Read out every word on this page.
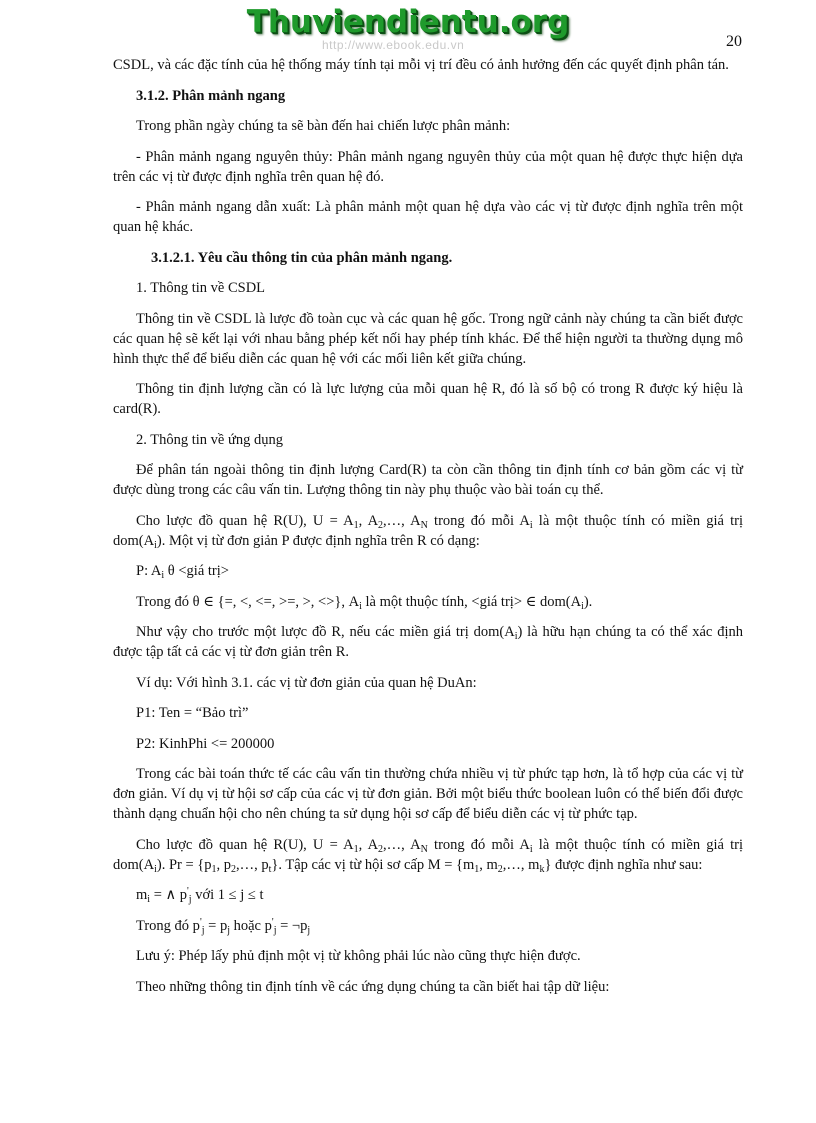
Thuviendientu.org
http://www.ebook.edu.vn	20

CSDL, và các đặc tính của hệ thống máy tính tại mỗi vị trí đều có ảnh hưởng đến các quyết định phân tán.

3.1.2. Phân mảnh ngang

Trong phần ngày chúng ta sẽ bàn đến hai chiến lược phân mảnh:

- Phân mảnh ngang nguyên thủy: Phân mảnh ngang nguyên thủy của một quan hệ được thực hiện dựa trên các vị từ được định nghĩa trên quan hệ đó.

- Phân mảnh ngang dẫn xuất: Là phân mảnh một quan hệ dựa vào các vị từ được định nghĩa trên một quan hệ khác.

3.1.2.1. Yêu cầu thông tin của phân mảnh ngang.

1. Thông tin về CSDL

Thông tin về CSDL là lược đồ toàn cục và các quan hệ gốc. Trong ngữ cảnh này chúng ta cần biết được các quan hệ sẽ kết lại với nhau bằng phép kết nối hay phép tính khác. Để thể hiện người ta thường dụng mô hình thực thể để biểu diễn các quan hệ với các mối liên kết giữa chúng.

Thông tin định lượng cần có là lực lượng của mỗi quan hệ R, đó là số bộ có trong R được ký hiệu là card(R).

2. Thông tin về ứng dụng

Để phân tán ngoài thông tin định lượng Card(R) ta còn cần thông tin định tính cơ bản gồm các vị từ được dùng trong các câu vấn tin. Lượng thông tin này phụ thuộc vào bài toán cụ thể.

Cho lược đồ quan hệ R(U), $U = A_1$, $A_2,\dots$, $A_N$ trong đó mỗi $A_i$ là một thuộc tính có miền giá trị $dom(A_i)$. Một vị từ đơn giản P được định nghĩa trên R có dạng:

P: $A_i$ θ <giá trị>

Trong đó θ ∈ {=, <, <=, >=, >, <>}, $A_i$ là một thuộc tính, <giá trị> ∈ $dom(A_i)$.

Như vậy cho trước một lược đồ R, nếu các miền giá trị $dom(A_i)$ là hữu hạn chúng ta có thể xác định được tập tất cả các vị từ đơn giản trên R.

Ví dụ: Với hình 3.1. các vị từ đơn giản của quan hệ DuAn:

P1: Ten = “Bảo trì”

P2: KinhPhi <= 200000

Trong các bài toán thức tế các câu vấn tin thường chứa nhiều vị từ phức tạp hơn, là tổ hợp của các vị từ đơn giản. Ví dụ vị từ hội sơ cấp của các vị từ đơn giản. Bởi một biểu thức boolean luôn có thể biến đổi được thành dạng chuẩn hội cho nên chúng ta sử dụng hội sơ cấp để biểu diễn các vị từ phức tạp.

Cho lược đồ quan hệ R(U), $U = A_1$, $A_2,\dots$, $A_N$ trong đó mỗi $A_i$ là một thuộc tính có miền giá trị $dom(A_i)$. $Pr = \{p_1$, $p_2,\dots$, $p_t$}. Tập các vị từ hội sơ cấp $M = \{m_1$, $m_2,\dots$, $m_k$} được định nghĩa như sau:

$m_i$ = ∧ $p'_j$ với 1 ≤ j ≤ t

Trong đó $p'_j = p_j$ hoặc $p'_j$ = $\neg p_j$

Lưu ý: Phép lấy phủ định một vị từ không phải lúc nào cũng thực hiện được.

Theo những thông tin định tính về các ứng dụng chúng ta cần biết hai tập dữ liệu:
